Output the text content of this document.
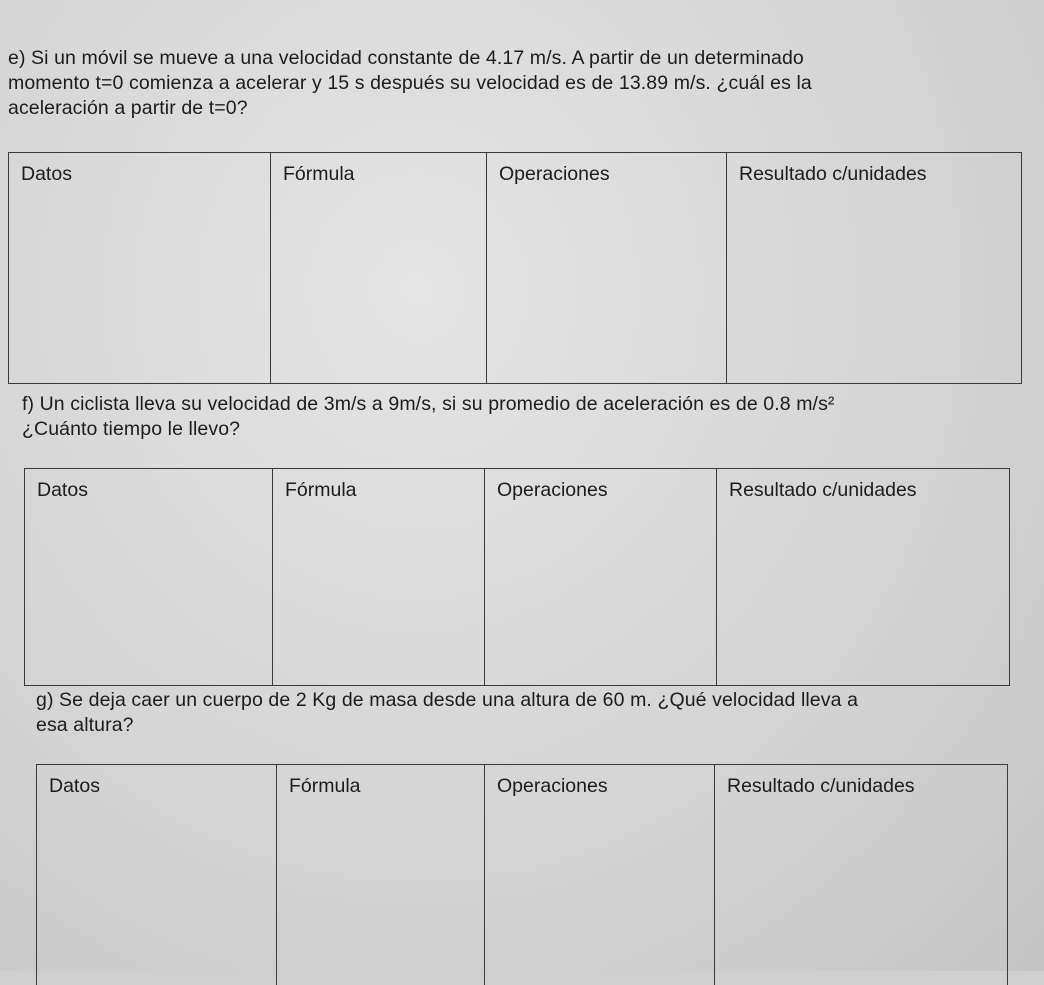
e) Si un móvil se mueve a una velocidad constante de 4.17 m/s. A partir de un determinado
momento t=0 comienza a acelerar y 15 s después su velocidad es de 13.89 m/s. ¿cuál es la
aceleración a partir de t=0?
Datos	Fórmula	Operaciones	Resultado c/unidades
f) Un ciclista lleva su velocidad de 3m/s a 9m/s, si su promedio de aceleración es de 0.8 m/s²
¿Cuánto tiempo le llevo?
Datos	Fórmula	Operaciones	Resultado c/unidades
g) Se deja caer un cuerpo de 2 Kg de masa desde una altura de 60 m. ¿Qué velocidad lleva a
esa altura?
Datos	Fórmula	Operaciones	Resultado c/unidades
